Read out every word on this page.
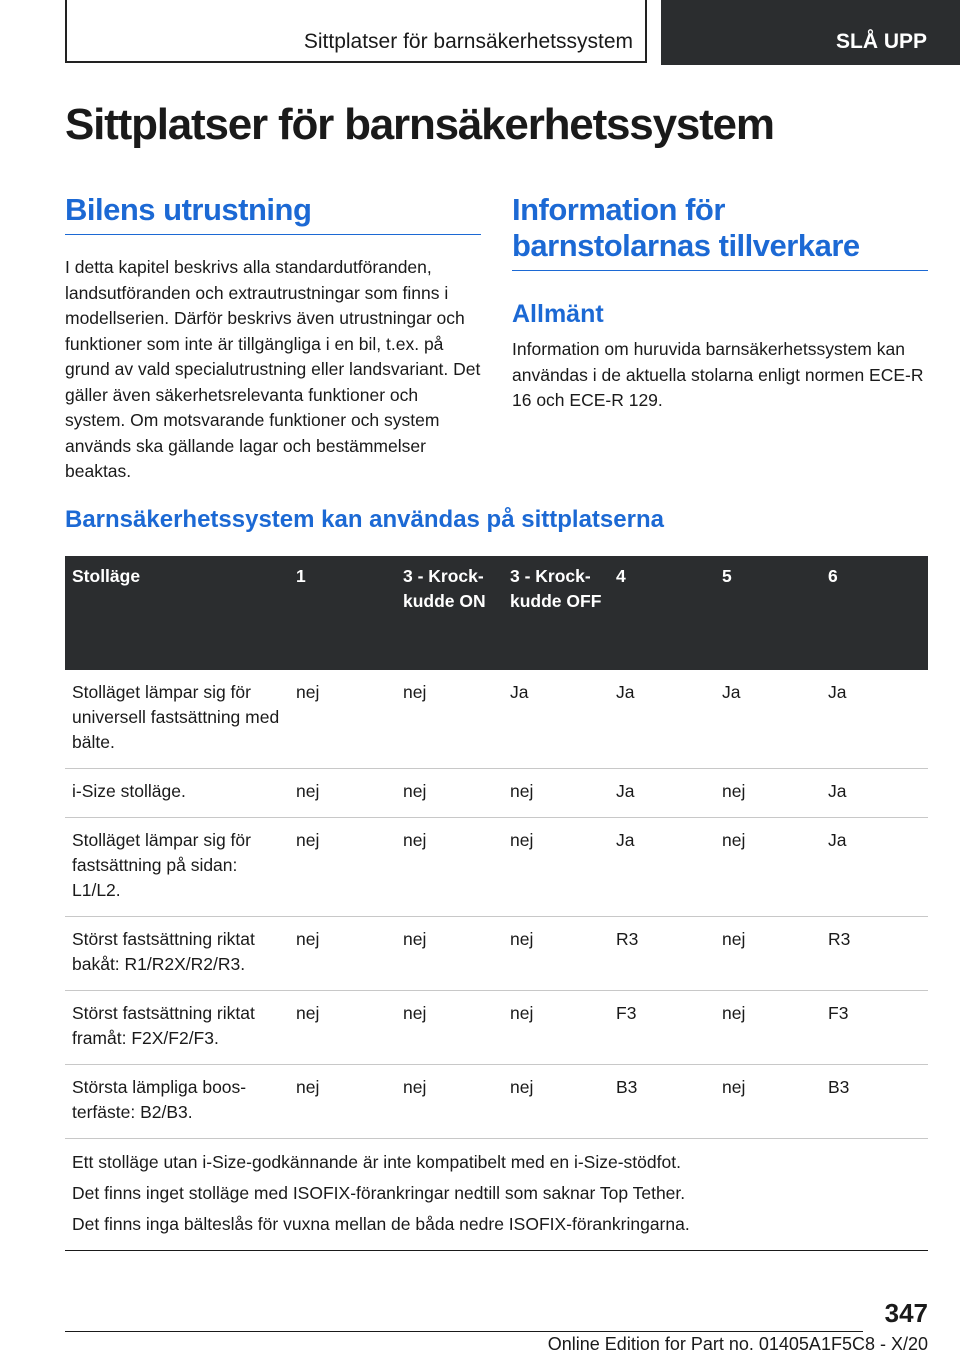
Sittplatser för barnsäkerhetssystem	SLÅ UPP
Sittplatser för barnsäkerhetssystem
Bilens utrustning

I detta kapitel beskrivs alla standardutföranden, landsutföranden och extrautrustningar som finns i modellserien. Därför beskrivs även utrustningar och funktioner som inte är tillgängliga i en bil, t.ex. på grund av vald specialutrustning eller landsvariant. Det gäller även säkerhetsrelevanta funktioner och system. Om motsvarande funktioner och system används ska gällande lagar och bestämmelser beaktas.

Information för barnstolarnas tillverkare
Allmänt

Information om huruvida barnsäkerhetssystem kan användas i de aktuella stolarna enligt normen ECE-R 16 och ECE-R 129.

Barnsäkerhetssystem kan användas på sittplatserna
Stolläge	1	3 - Krockkudde ON	3 - Krockkudde OFF	4	5	6
Stolläget lämpar sig för universell fastsättning med bälte.	nej	nej	Ja	Ja	Ja	Ja
i-Size stolläge.	nej	nej	nej	Ja	nej	Ja
Stolläget lämpar sig för fastsättning på sidan: L1/L2.	nej	nej	nej	Ja	nej	Ja
Störst fastsättning riktat bakåt: R1/R2X/R2/R3.	nej	nej	nej	R3	nej	R3
Störst fastsättning riktat framåt: F2X/F2/F3.	nej	nej	nej	F3	nej	F3
Största lämpliga boosterfäste: B2/B3.	nej	nej	nej	B3	nej	B3

Ett stolläge utan i-Size-godkännande är inte kompatibelt med en i-Size-stödfot.
Det finns inget stolläge med ISOFIX-förankringar nedtill som saknar Top Tether.
Det finns inga bälteslås för vuxna mellan de båda nedre ISOFIX-förankringarna.						
347
Online Edition for Part no. 01405A1F5C8 - X/20
